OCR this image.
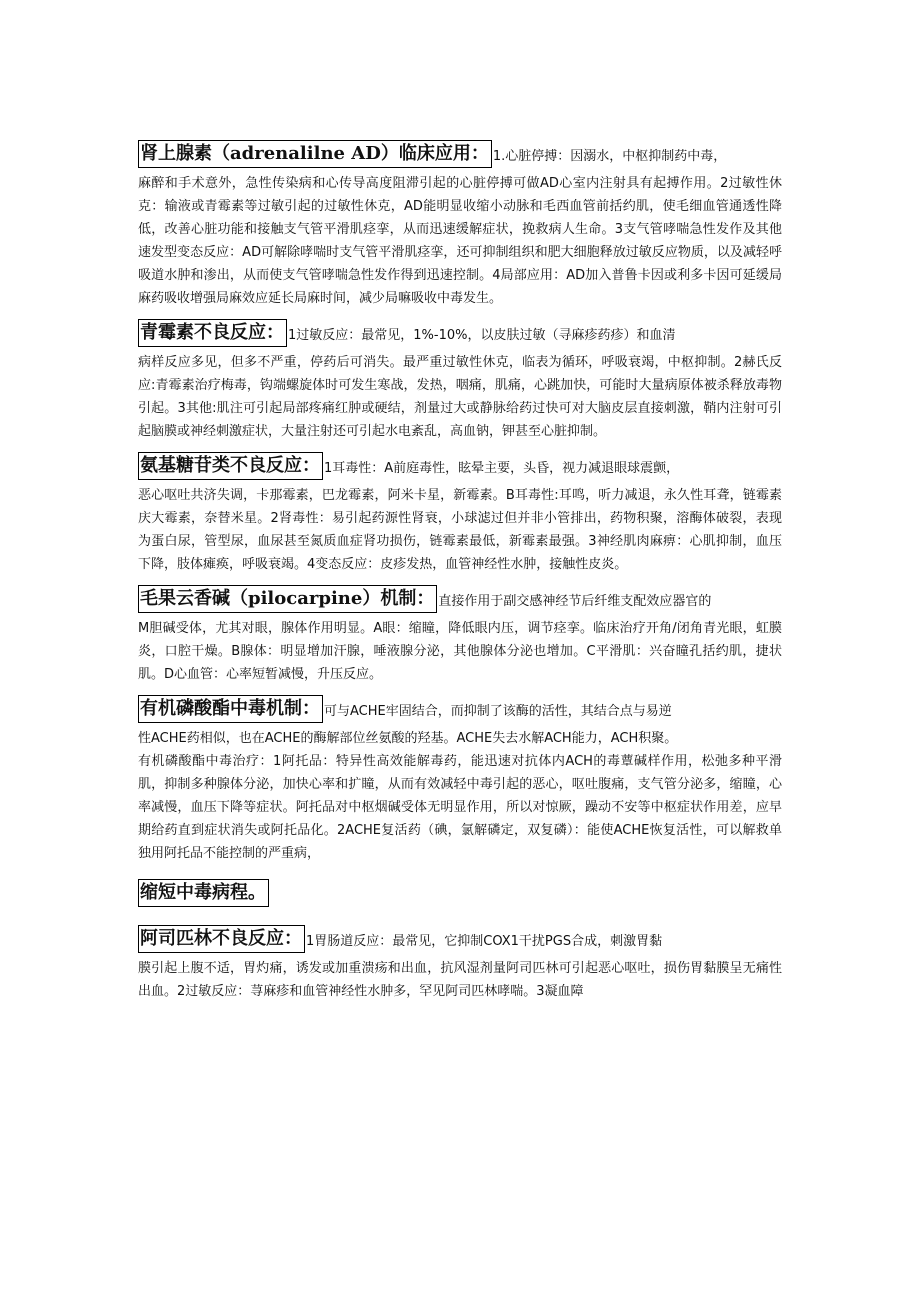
肾上腺素（adrenalilne AD）临床应用： 1.心脏停搏：因溺水，中枢抑制药中毒，
麻醉和手术意外，急性传染病和心传导高度阻滞引起的心脏停搏可做AD心室内注射具有起搏作用。2过敏性休克：输液或青霉素等过敏引起的过敏性休克，AD能明显收缩小动脉和毛西血管前括约肌，使毛细血管通透性降低，改善心脏功能和接触支气管平滑肌痉挛，从而迅速缓解症状，挽救病人生命。3支气管哮喘急性发作及其他速发型变态反应：AD可解除哮喘时支气管平滑肌痉挛，还可抑制组织和肥大细胞释放过敏反应物质，以及减轻呼吸道水肿和渗出，从而使支气管哮喘急性发作得到迅速控制。4局部应用：AD加入普鲁卡因或利多卡因可延缓局麻药吸收增强局麻效应延长局麻时间，减少局嘛吸收中毒发生。
青霉素不良反应： 1过敏反应：最常见，1%-10%，以皮肤过敏（寻麻疹药疹）和血清
病样反应多见，但多不严重，停药后可消失。最严重过敏性休克，临表为循环，呼吸衰竭，中枢抑制。2赫氏反应:青霉素治疗梅毒，钩端螺旋体时可发生寒战，发热，咽痛，肌痛，心跳加快，可能时大量病原体被杀释放毒物引起。3其他:肌注可引起局部疼痛红肿或硬结，剂量过大或静脉给药过快可对大脑皮层直接刺激，鞘内注射可引起脑膜或神经刺激症状，大量注射还可引起水电紊乱，高血钠，钾甚至心脏抑制。
氨基糖苷类不良反应： 1耳毒性：A前庭毒性，眩晕主要，头昏，视力减退眼球震颤，
恶心呕吐共济失调，卡那霉素，巴龙霉素，阿米卡星，新霉素。B耳毒性:耳鸣，听力减退，永久性耳聋，链霉素庆大霉素，奈替米星。2肾毒性：易引起药源性肾衰，小球滤过但并非小管排出，药物积聚，溶酶体破裂，表现为蛋白尿，管型尿，血尿甚至氮质血症肾功损伤，链霉素最低，新霉素最强。3神经肌肉麻痹：心肌抑制，血压下降，肢体瘫痪，呼吸衰竭。4变态反应：皮疹发热，血管神经性水肿，接触性皮炎。
毛果云香碱（pilocarpine）机制： 直接作用于副交感神经节后纤维支配效应器官的
M胆碱受体，尤其对眼，腺体作用明显。A眼：缩瞳，降低眼内压，调节痉挛。临床治疗开角/闭角青光眼，虹膜炎，口腔干燥。B腺体：明显增加汗腺，唾液腺分泌，其他腺体分泌也增加。C平滑肌：兴奋瞳孔括约肌，捷状肌。D心血管：心率短暂减慢，升压反应。
有机磷酸酯中毒机制： 可与ACHE牢固结合，而抑制了该酶的活性，其结合点与易逆
性ACHE药相似，也在ACHE的酶解部位丝氨酸的羟基。ACHE失去水解ACH能力，ACH积聚。

有机磷酸酯中毒治疗：1阿托品：特异性高效能解毒药，能迅速对抗体内ACH的毒蕈碱样作用，松弛多种平滑肌，抑制多种腺体分泌，加快心率和扩瞳，从而有效减轻中毒引起的恶心，呕吐腹痛，支气管分泌多，缩瞳，心率减慢，血压下降等症状。阿托品对中枢烟碱受体无明显作用，所以对惊厥，躁动不安等中枢症状作用差，应早期给药直到症状消失或阿托品化。2ACHE复活药（碘，氯解磷定，双复磷）：能使ACHE恢复活性，可以解救单独用阿托品不能控制的严重病，

缩短中毒病程。
阿司匹林不良反应： 1胃肠道反应：最常见，它抑制COX1干扰PGS合成，刺激胃黏
膜引起上腹不适，胃灼痛，诱发或加重溃疡和出血，抗风湿剂量阿司匹林可引起恶心呕吐，损伤胃黏膜呈无痛性出血。2过敏反应：荨麻疹和血管神经性水肿多，罕见阿司匹林哮喘。3凝血障
